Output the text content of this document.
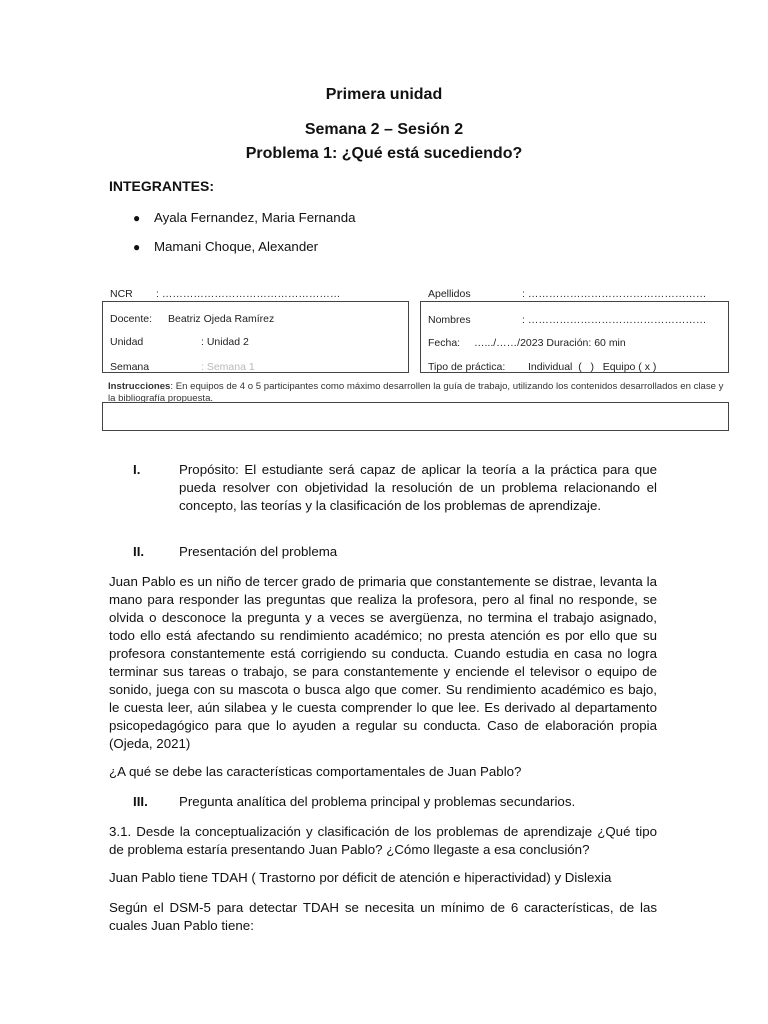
Primera unidad
Semana 2 – Sesión 2
Problema 1: ¿Qué está sucediendo?
INTEGRANTES:
● Ayala Fernandez, Maria Fernanda
● Mamani Choque, Alexander
NCR : ……………………………………………	Apellidos	: ……………………………………………
Docente: Beatriz Ojeda Ramírez
Unidad	: Unidad 2
Semana	: Semana 1
Nombres	: ……………………………………………
Fecha: ….../……/2023 Duración: 60 min
Tipo de práctica: Individual  (   )   Equipo ( x )
Instrucciones: En equipos de 4 o 5 participantes como máximo desarrollen la guía de trabajo, utilizando los contenidos desarrollados en clase y la bibliografía propuesta.
I.	Propósito: El estudiante será capaz de aplicar la teoría a la práctica para que pueda resolver con objetividad la resolución de un problema relacionando el concepto, las teorías y la clasificación de los problemas de aprendizaje.
II.	Presentación del problema
Juan Pablo es un niño de tercer grado de primaria que constantemente se distrae, levanta la mano para responder las preguntas que realiza la profesora, pero al final no responde, se olvida o desconoce la pregunta y a veces se avergüenza, no termina el trabajo asignado, todo ello está afectando su rendimiento académico; no presta atención es por ello que su profesora constantemente está corrigiendo su conducta. Cuando estudia en casa no logra terminar sus tareas o trabajo, se para constantemente y enciende el televisor o equipo de sonido, juega con su mascota o busca algo que comer. Su rendimiento académico es bajo, le cuesta leer, aún silabea y le cuesta comprender lo que lee. Es derivado al departamento psicopedagógico para que lo ayuden a regular su conducta. Caso de elaboración propia (Ojeda, 2021)
¿A qué se debe las características comportamentales de Juan Pablo?
III. Pregunta analítica del problema principal y problemas secundarios.
3.1. Desde la conceptualización y clasificación de los problemas de aprendizaje ¿Qué tipo de problema estaría presentando Juan Pablo? ¿Cómo llegaste a esa conclusión?
Juan Pablo tiene TDAH ( Trastorno por déficit de atención e hiperactividad) y Dislexia
Según el DSM-5 para detectar TDAH se necesita un mínimo de 6 características, de las cuales Juan Pablo tiene:
